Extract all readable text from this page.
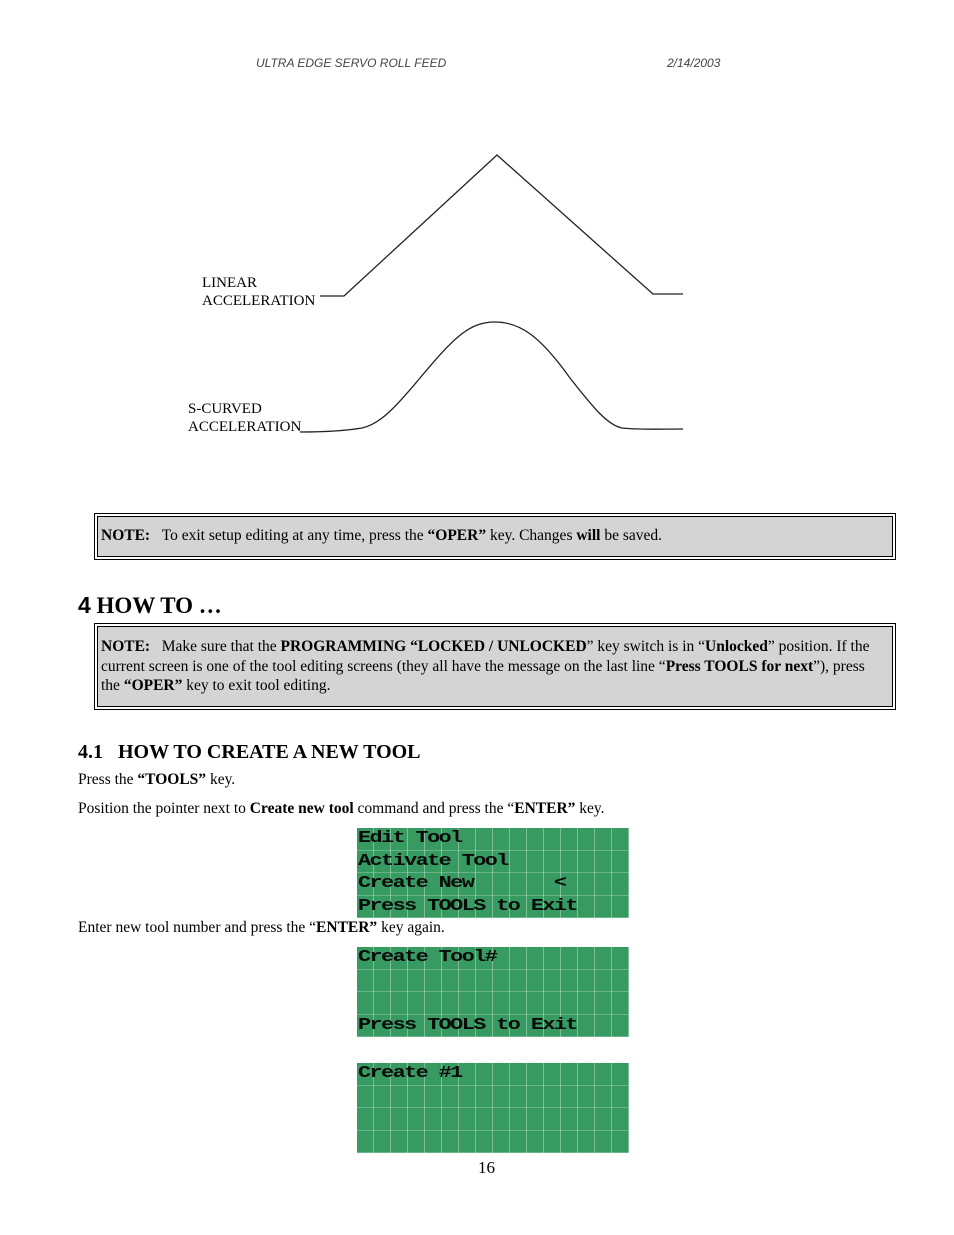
ULTRA EDGE SERVO ROLL FEED	2/14/2003
LINEAR
ACCELERATION
S-CURVED
ACCELERATION
NOTE: To exit setup editing at any time, press the “OPER” key. Changes will be saved.
4 HOW TO …
NOTE: Make sure that the PROGRAMMING “LOCKED / UNLOCKED” key switch is in “Unlocked” position. If the current screen is one of the tool editing screens (they all have the message on the last line “Press TOOLS for next”), press the “OPER” key to exit tool editing.
4.1 HOW TO CREATE A NEW TOOL
Press the “TOOLS” key.
Position the pointer next to Create new tool command and press the “ENTER” key.
Edit Tool
Activate Tool
Create New       <
Press TOOLS to Exit
Enter new tool number and press the “ENTER” key again.
Create Tool#
Press TOOLS to Exit
Create #1
16
